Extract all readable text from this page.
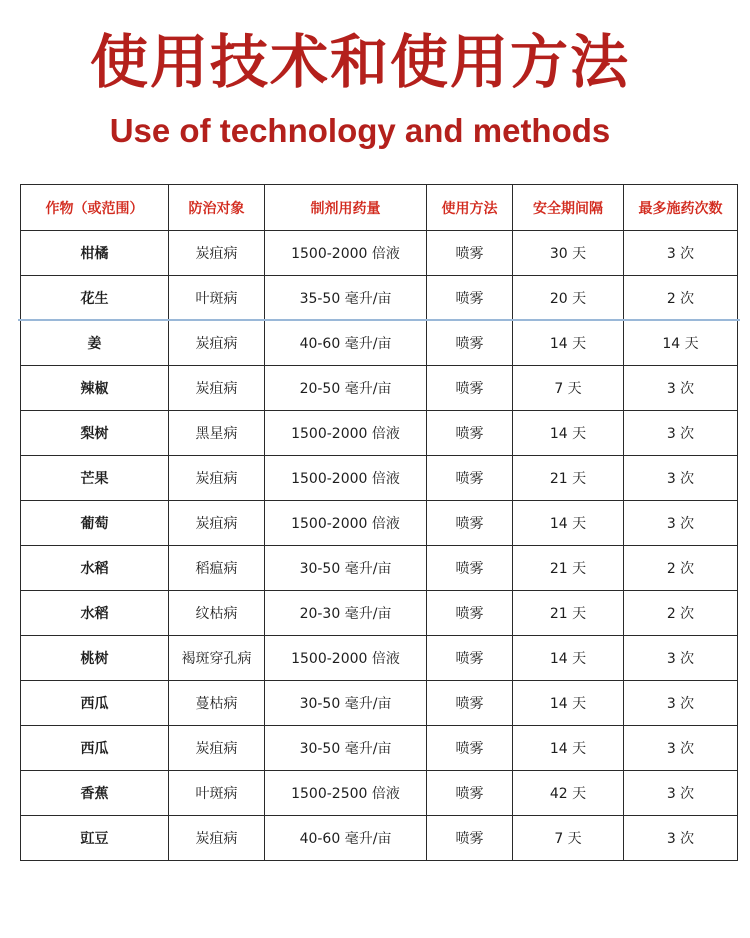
使用技术和使用方法
Use of technology and methods
作物（或范围）	防治对象	制剂用药量	使用方法	安全期间隔	最多施药次数
柑橘	炭疽病	1500-2000 倍液	喷雾	30 天	3 次
花生	叶斑病	35-50 毫升/亩	喷雾	20 天	2 次
姜	炭疽病	40-60 毫升/亩	喷雾	14 天	14 天
辣椒	炭疽病	20-50 毫升/亩	喷雾	7 天	3 次
梨树	黑星病	1500-2000 倍液	喷雾	14 天	3 次
芒果	炭疽病	1500-2000 倍液	喷雾	21 天	3 次
葡萄	炭疽病	1500-2000 倍液	喷雾	14 天	3 次
水稻	稻瘟病	30-50 毫升/亩	喷雾	21 天	2 次
水稻	纹枯病	20-30 毫升/亩	喷雾	21 天	2 次
桃树	褐斑穿孔病	1500-2000 倍液	喷雾	14 天	3 次
西瓜	蔓枯病	30-50 毫升/亩	喷雾	14 天	3 次
西瓜	炭疽病	30-50 毫升/亩	喷雾	14 天	3 次
香蕉	叶斑病	1500-2500 倍液	喷雾	42 天	3 次
豇豆	炭疽病	40-60 毫升/亩	喷雾	7 天	3 次
